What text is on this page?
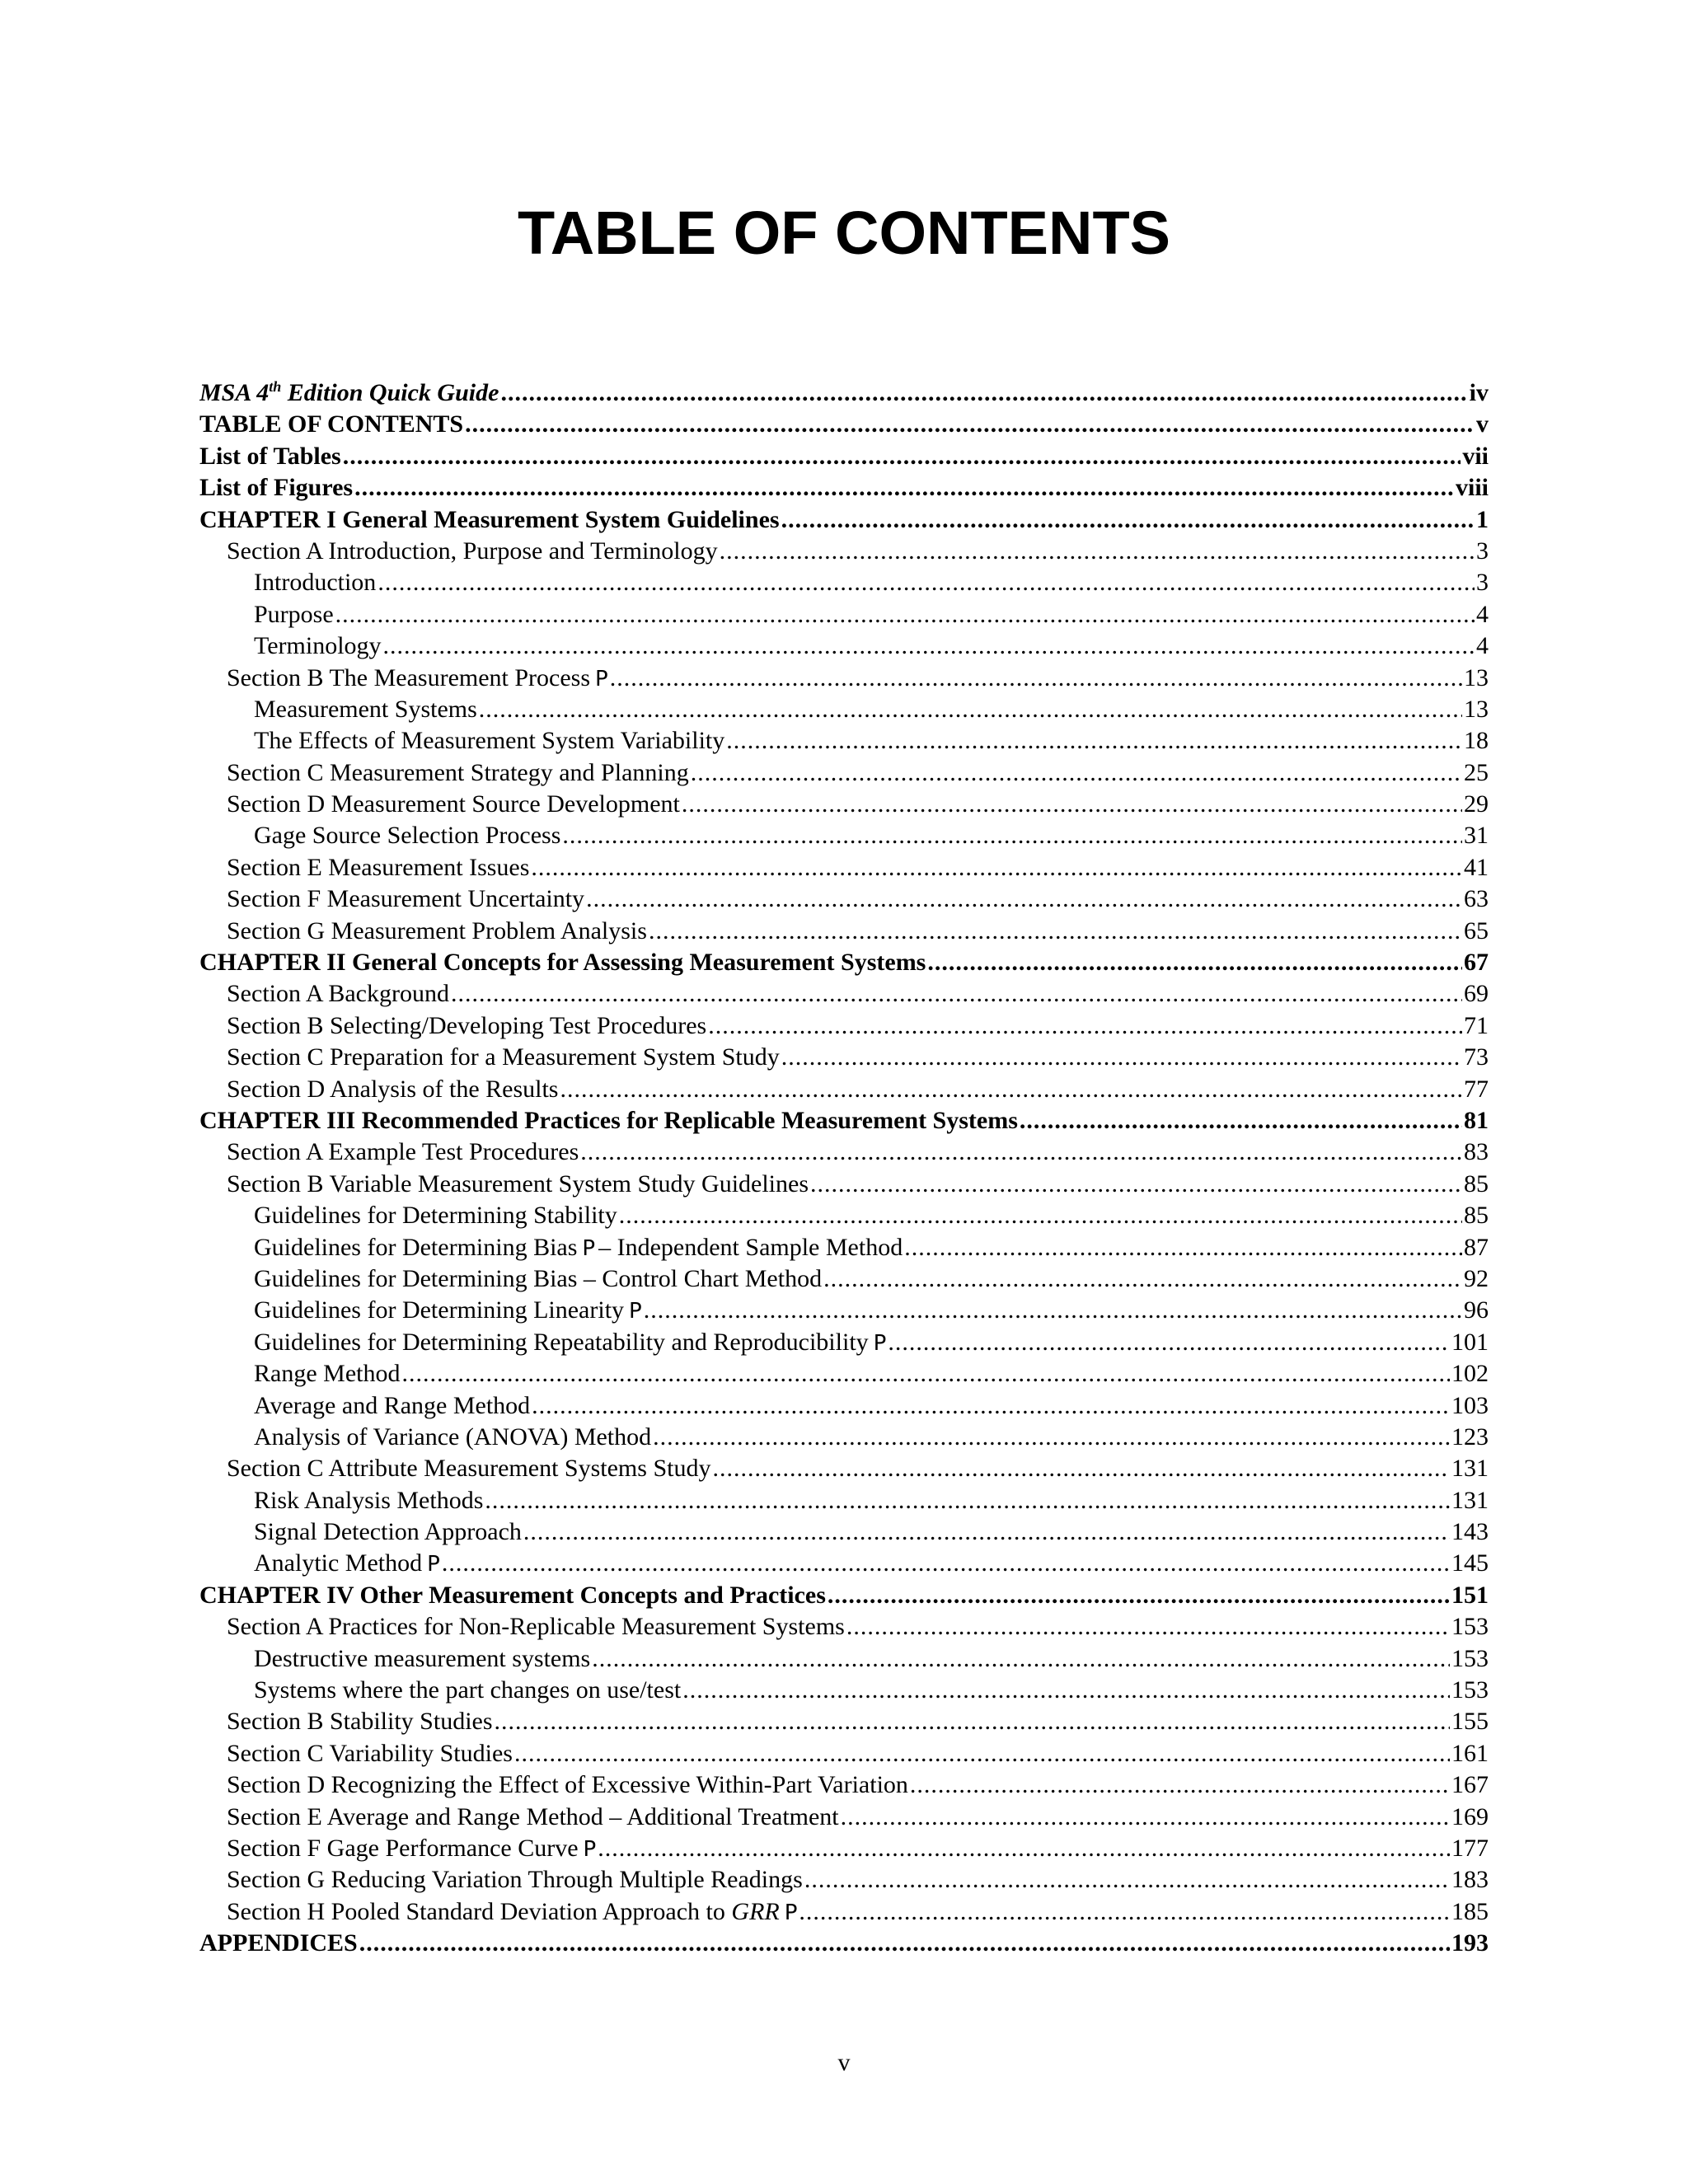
TABLE OF CONTENTS
MSA 4th Edition Quick Guide .....	iv
TABLE OF CONTENTS .....	v
List of Tables .....	vii
List of Figures .....	viii
CHAPTER I General Measurement System Guidelines .....	1
Section A Introduction, Purpose and Terminology .....	3
Introduction .....	3
Purpose .....	4
Terminology .....	4
Section B The Measurement Process P .....	13
Measurement Systems .....	13
The Effects of Measurement System Variability .....	18
Section C Measurement Strategy and Planning .....	25
Section D Measurement Source Development .....	29
Gage Source Selection Process .....	31
Section E Measurement Issues .....	41
Section F Measurement Uncertainty .....	63
Section G Measurement Problem Analysis .....	65
CHAPTER II General Concepts for Assessing Measurement Systems .....	67
Section A Background .....	69
Section B Selecting/Developing Test Procedures .....	71
Section C Preparation for a Measurement System Study .....	73
Section D Analysis of the Results .....	77
CHAPTER III Recommended Practices for Replicable Measurement Systems .....	81
Section A Example Test Procedures .....	83
Section B Variable Measurement System Study Guidelines .....	85
Guidelines for Determining Stability .....	85
Guidelines for Determining Bias P – Independent Sample Method .....	87
Guidelines for Determining Bias – Control Chart Method .....	92
Guidelines for Determining Linearity P .....	96
Guidelines for Determining Repeatability and Reproducibility P .....	101
Range Method .....	102
Average and Range Method .....	103
Analysis of Variance (ANOVA) Method .....	123
Section C Attribute Measurement Systems Study .....	131
Risk Analysis Methods .....	131
Signal Detection Approach .....	143
Analytic Method P .....	145
CHAPTER IV Other Measurement Concepts and Practices .....	151
Section A Practices for Non-Replicable Measurement Systems .....	153
Destructive measurement systems .....	153
Systems where the part changes on use/test .....	153
Section B Stability Studies .....	155
Section C Variability Studies .....	161
Section D Recognizing the Effect of Excessive Within-Part Variation .....	167
Section E Average and Range Method – Additional Treatment .....	169
Section F Gage Performance Curve P .....	177
Section G Reducing Variation Through Multiple Readings .....	183
Section H Pooled Standard Deviation Approach to GRR P .....	185
APPENDICES .....	193
v
